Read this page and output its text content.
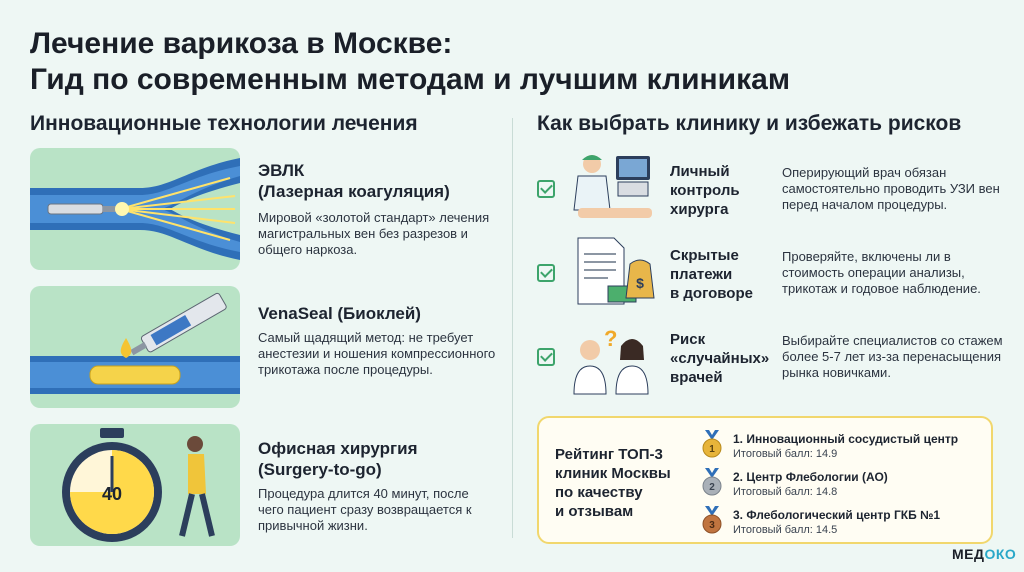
Лечение варикоза в Москве:
Гид по современным методам и лучшим клиникам
Инновационные технологии лечения	Как выбрать клинику и избежать рисков
ЭВЛК
(Лазерная коагуляция)
Мировой «золотой стандарт» лечения магистральных вен без разрезов и общего наркоза.
VenaSeal (Биоклей)
Самый щадящий метод: не требует анестезии и ношения компрессионного трикотажа после процедуры.
40
Офисная хирургия
(Surgery-to-go)
Процедура длится 40 минут, после чего пациент сразу возвращается к привычной жизни.
Личный
контроль
хирурга
Оперирующий врач обязан самостоятельно проводить УЗИ вен перед началом процедуры.
$
Скрытые
платежи
в договоре
Проверяйте, включены ли в стоимость операции анализы, трикотаж и годовое наблюдение.
?	Риск
«случайных»
врачей
Выбирайте специалистов со стажем более 5-7 лет из-за перенасыщения рынка новичками.
Рейтинг ТОП-3
клиник Москвы
по качеству
и отзывам
1
1. Инновационный сосудистый центр
Итоговый балл: 14.9
2
2. Центр Флебологии (АО)
Итоговый балл: 14.8
3
3. Флебологический центр ГКБ №1
Итоговый балл: 14.5
МЕДОКО
